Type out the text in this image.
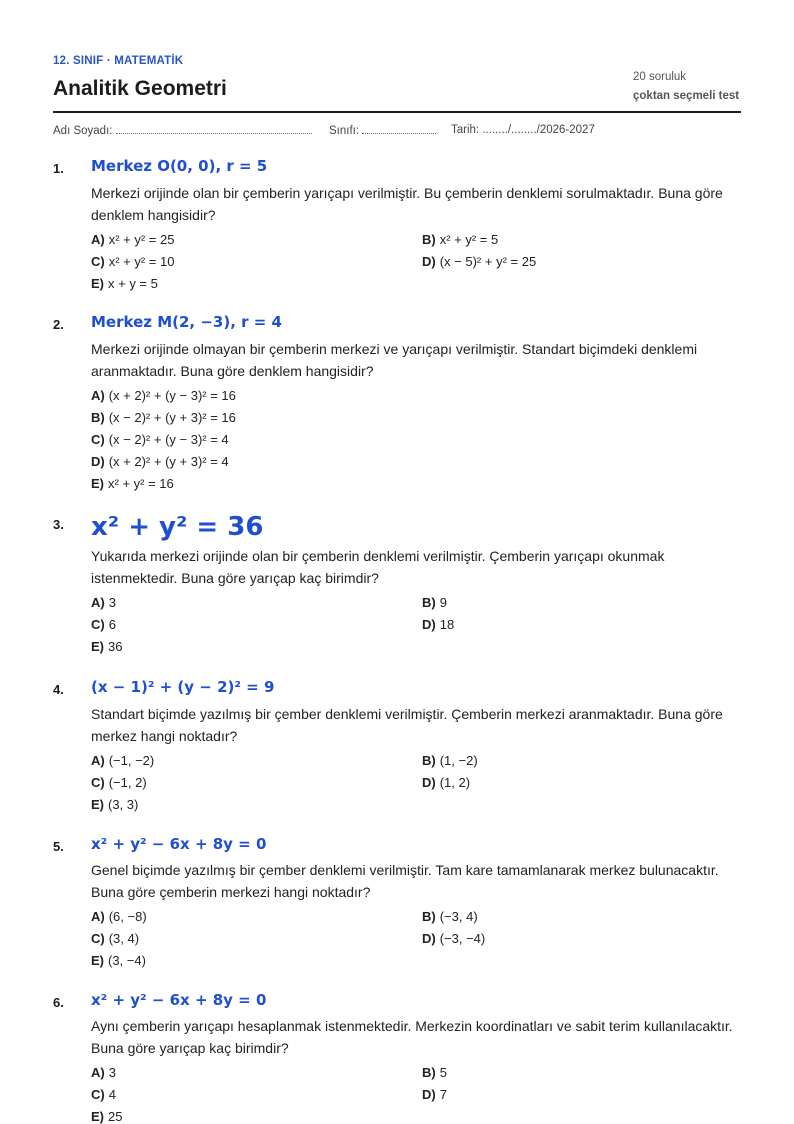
12. SINIF · MATEMATİK
Analitik Geometri	20 soruluk
çoktan seçmeli test
Adı Soyadı:	Sınıfı:	Tarih: ......../......../2026-2027
1. Merkez O(0, 0), r = 5
Merkezi orijinde olan bir çemberin yarıçapı verilmiştir. Bu çemberin denklemi sorulmaktadır. Buna göre denklem hangisidir?
A) x² + y² = 25	B) x² + y² = 5
C) x² + y² = 10	D) (x − 5)² + y² = 25
E) x + y = 5
2. Merkez M(2, −3), r = 4
Merkezi orijinde olmayan bir çemberin merkezi ve yarıçapı verilmiştir. Standart biçimdeki denklemi aranmaktadır. Buna göre denklem hangisidir?
A) (x + 2)² + (y − 3)² = 16
B) (x − 2)² + (y + 3)² = 16
C) (x − 2)² + (y − 3)² = 4
D) (x + 2)² + (y + 3)² = 4
E) x² + y² = 16
3. x² + y² = 36
Yukarıda merkezi orijinde olan bir çemberin denklemi verilmiştir. Çemberin yarıçapı okunmak istenmektedir. Buna göre yarıçap kaç birimdir?
A) 3	B) 9
C) 6	D) 18
E) 36
4. (x − 1)² + (y − 2)² = 9
Standart biçimde yazılmış bir çember denklemi verilmiştir. Çemberin merkezi aranmaktadır. Buna göre merkez hangi noktadır?
A) (−1, −2)	B) (1, −2)
C) (−1, 2)	D) (1, 2)
E) (3, 3)
5. x² + y² − 6x + 8y = 0
Genel biçimde yazılmış bir çember denklemi verilmiştir. Tam kare tamamlanarak merkez bulunacaktır. Buna göre çemberin merkezi hangi noktadır?
A) (6, −8)	B) (−3, 4)
C) (3, 4)	D) (−3, −4)
E) (3, −4)
6. x² + y² − 6x + 8y = 0
Aynı çemberin yarıçapı hesaplanmak istenmektedir. Merkezin koordinatları ve sabit terim kullanılacaktır. Buna göre yarıçap kaç birimdir?
A) 3	B) 5
C) 4	D) 7
E) 25
